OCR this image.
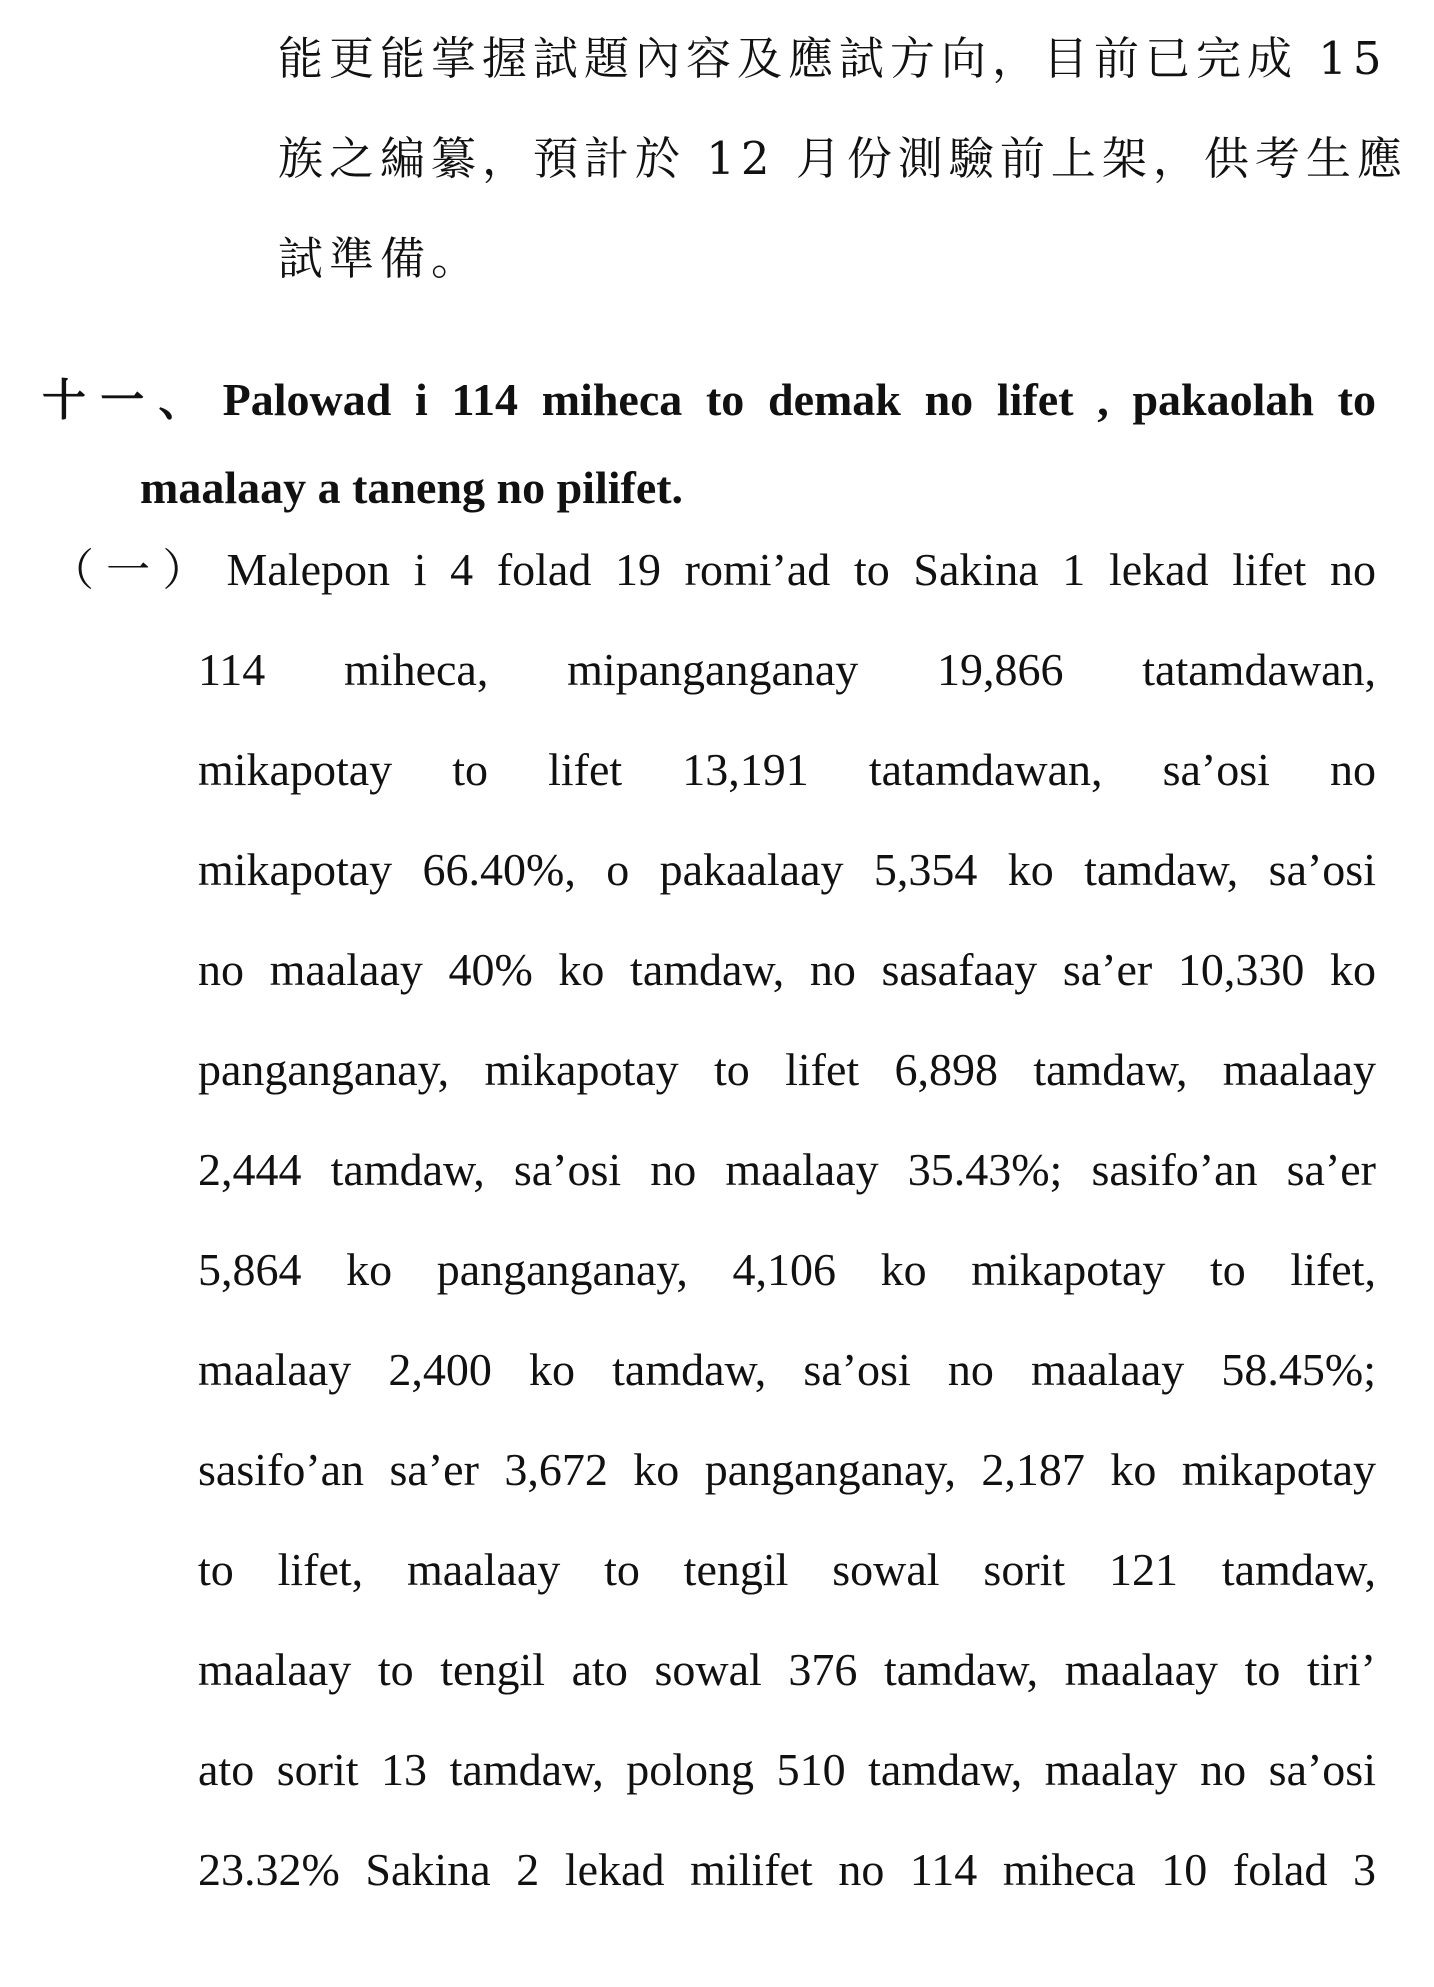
能更能掌握試題內容及應試方向，目前已完成 15
族之編纂，預計於 12 月份測驗前上架，供考生應
試準備。
十一、 Palowad i 114 miheca to demak no lifet , pakaolah to
maalaay a taneng no pilifet.
（一） Malepon i 4 folad 19 romi’ad to Sakina 1 lekad lifet no
114 miheca, mipanganganay 19,866 tatamdawan,
mikapotay to lifet 13,191 tatamdawan, sa’osi no
mikapotay 66.40%, o pakaalaay 5,354 ko tamdaw, sa’osi
no maalaay 40% ko tamdaw, no sasafaay sa’er 10,330 ko
panganganay, mikapotay to lifet 6,898 tamdaw, maalaay
2,444 tamdaw, sa’osi no maalaay 35.43%; sasifo’an sa’er
5,864 ko panganganay, 4,106 ko mikapotay to lifet,
maalaay 2,400 ko tamdaw, sa’osi no maalaay 58.45%;
sasifo’an sa’er 3,672 ko panganganay, 2,187 ko mikapotay
to lifet, maalaay to tengil sowal sorit 121 tamdaw,
maalaay to tengil ato sowal 376 tamdaw, maalaay to tiri’
ato sorit 13 tamdaw, polong 510 tamdaw, maalay no sa’osi
23.32% Sakina 2 lekad milifet no 114 miheca 10 folad 3
